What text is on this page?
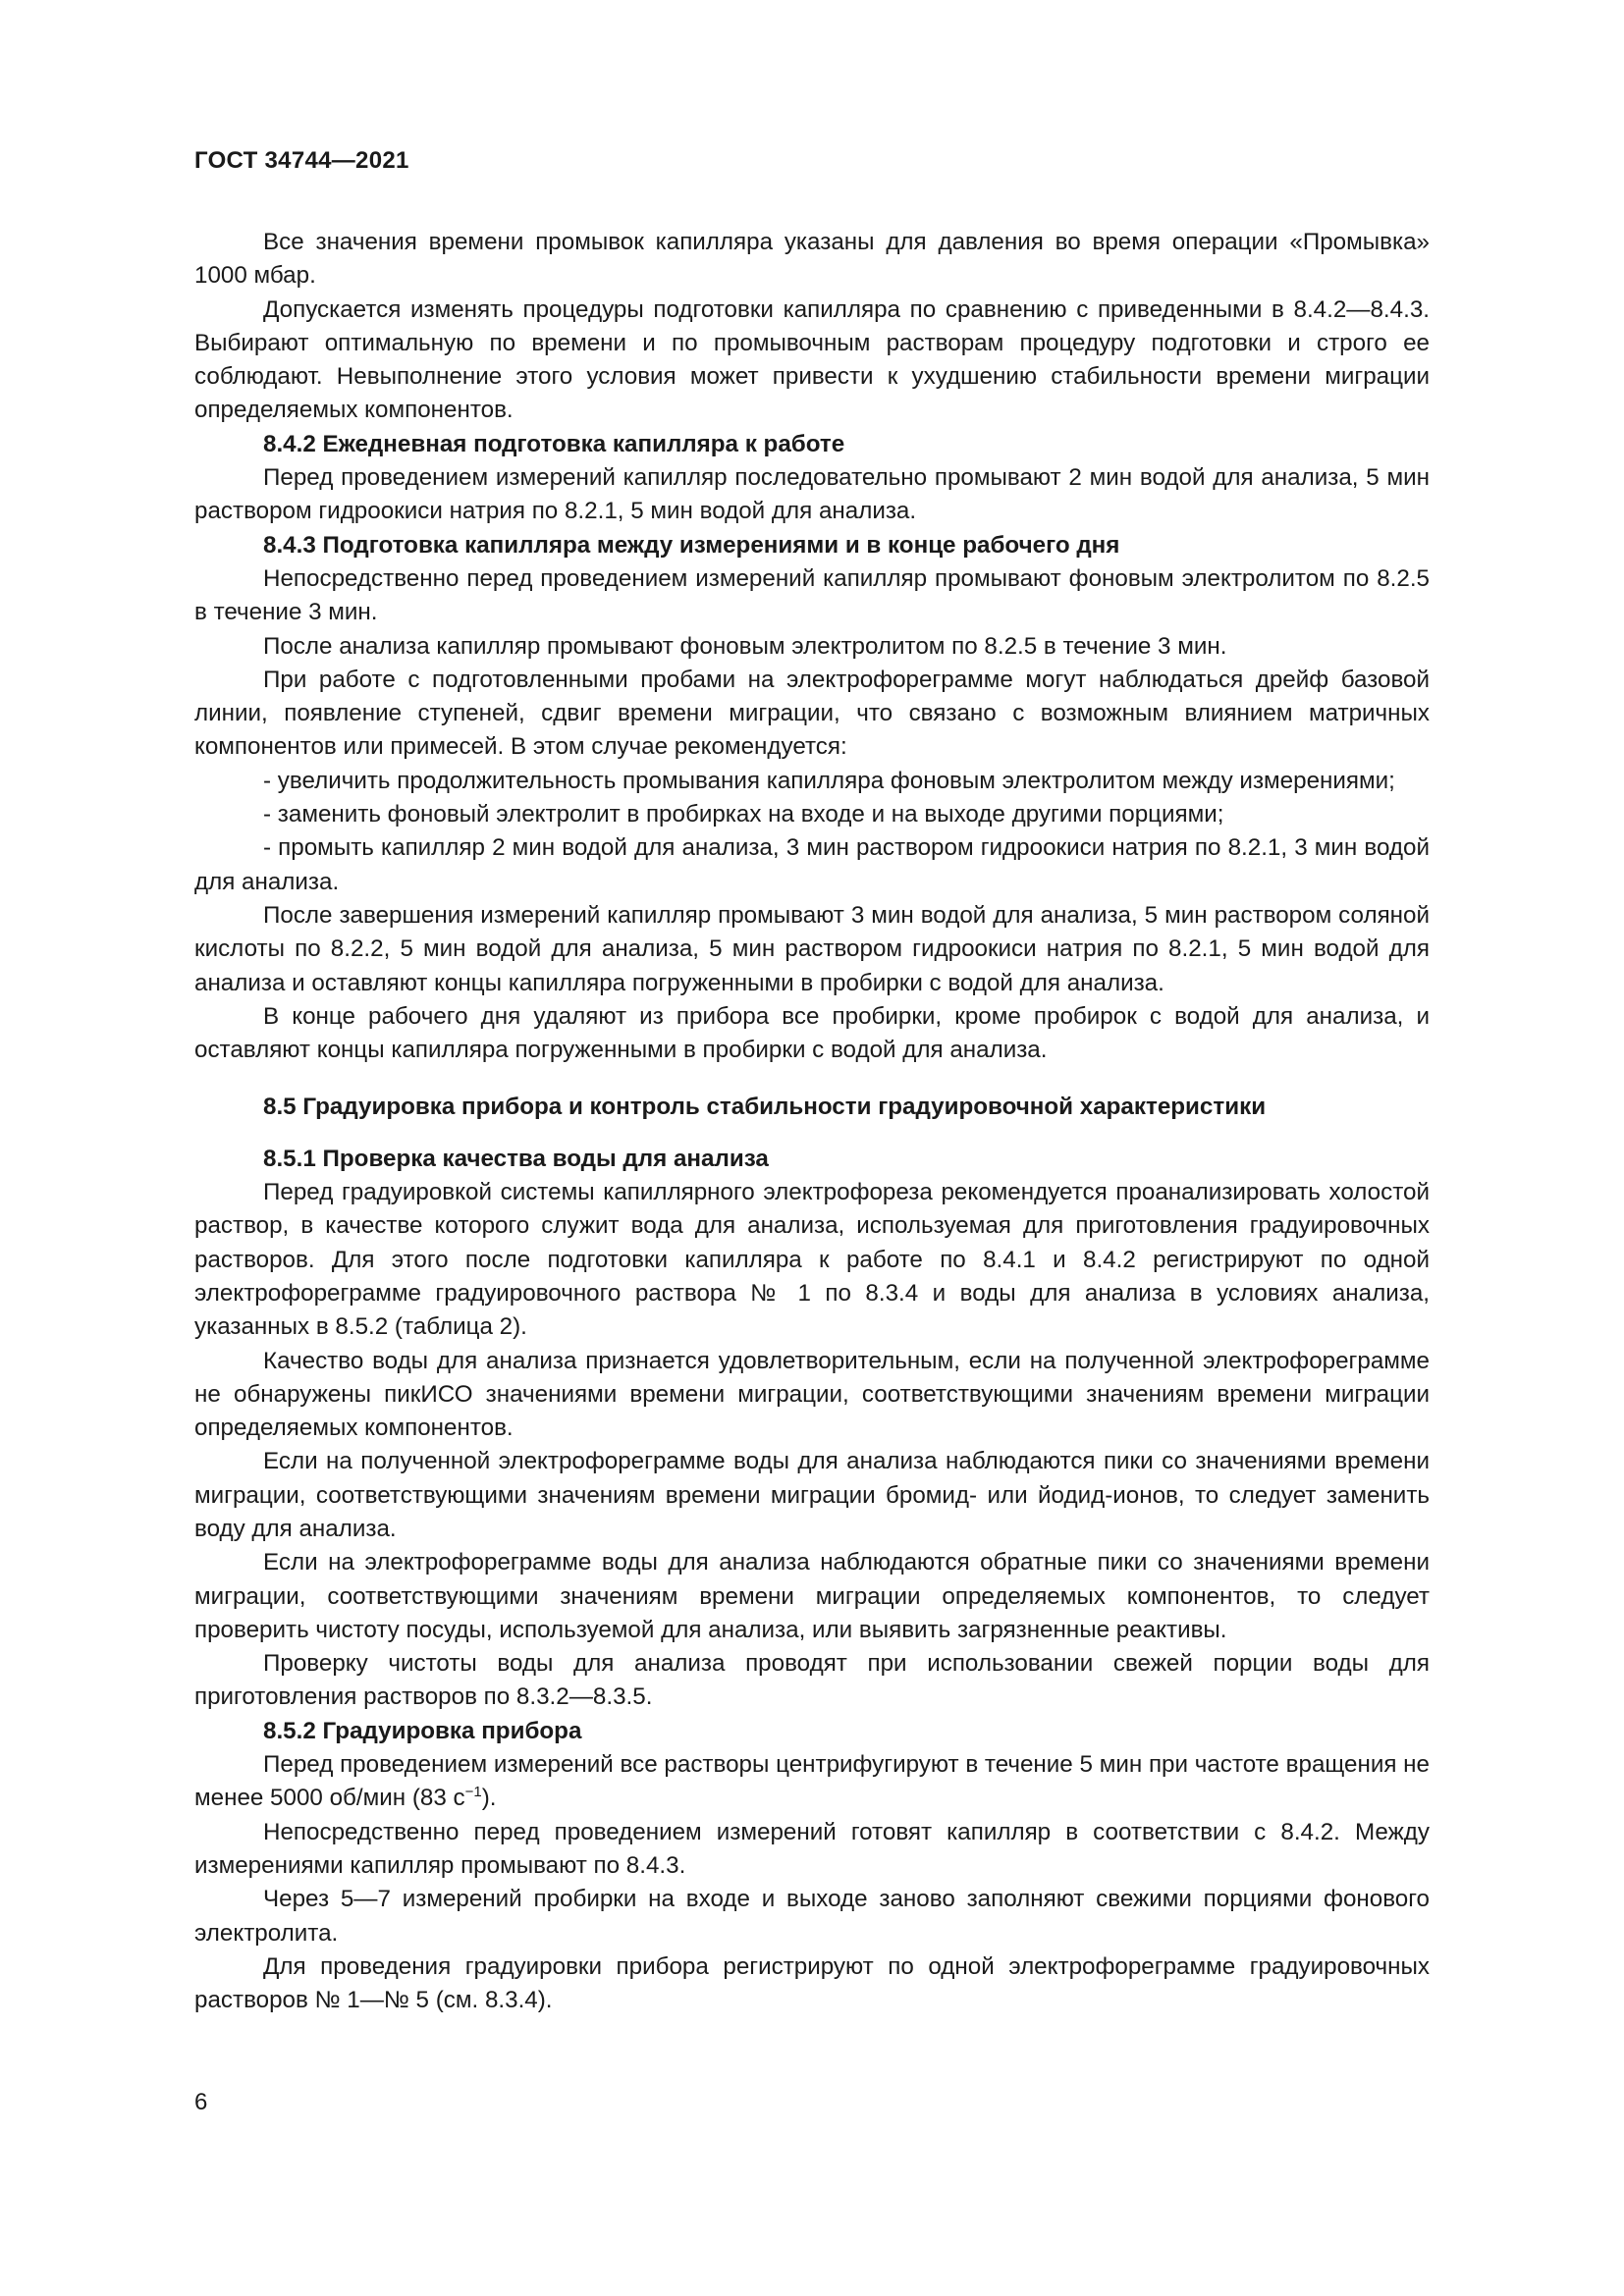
ГОСТ 34744—2021

Все значения времени промывок капилляра указаны для давления во время операции «Промывка» 1000 мбар.

Допускается изменять процедуры подготовки капилляра по сравнению с приведенными в 8.4.2—8.4.3. Выбирают оптимальную по времени и по промывочным растворам процедуру подготовки и строго ее соблюдают. Невыполнение этого условия может привести к ухудшению стабильности времени миграции определяемых компонентов.

8.4.2 Ежедневная подготовка капилляра к работе

Перед проведением измерений капилляр последовательно промывают 2 мин водой для анализа, 5 мин раствором гидроокиси натрия по 8.2.1, 5 мин водой для анализа.

8.4.3 Подготовка капилляра между измерениями и в конце рабочего дня

Непосредственно перед проведением измерений капилляр промывают фоновым электролитом по 8.2.5 в течение 3 мин.

После анализа капилляр промывают фоновым электролитом по 8.2.5 в течение 3 мин.

При работе с подготовленными пробами на электрофореграмме могут наблюдаться дрейф базовой линии, появление ступеней, сдвиг времени миграции, что связано с возможным влиянием матричных компонентов или примесей. В этом случае рекомендуется:

- увеличить продолжительность промывания капилляра фоновым электролитом между измерениями;

- заменить фоновый электролит в пробирках на входе и на выходе другими порциями;

- промыть капилляр 2 мин водой для анализа, 3 мин раствором гидроокиси натрия по 8.2.1, 3 мин водой для анализа.

После завершения измерений капилляр промывают 3 мин водой для анализа, 5 мин раствором соляной кислоты по 8.2.2, 5 мин водой для анализа, 5 мин раствором гидроокиси натрия по 8.2.1, 5 мин водой для анализа и оставляют концы капилляра погруженными в пробирки с водой для анализа.

В конце рабочего дня удаляют из прибора все пробирки, кроме пробирок с водой для анализа, и оставляют концы капилляра погруженными в пробирки с водой для анализа.

8.5 Градуировка прибора и контроль стабильности градуировочной характеристики
8.5.1 Проверка качества воды для анализа

Перед градуировкой системы капиллярного электрофореза рекомендуется проанализировать холостой раствор, в качестве которого служит вода для анализа, используемая для приготовления градуировочных растворов. Для этого после подготовки капилляра к работе по 8.4.1 и 8.4.2 регистрируют по одной электрофореграмме градуировочного раствора № 1 по 8.3.4 и воды для анализа в условиях анализа, указанных в 8.5.2 (таблица 2).

Качество воды для анализа признается удовлетворительным, если на полученной электрофореграмме не обнаружены пикИСО значениями времени миграции, соответствующими значениям времени миграции определяемых компонентов.

Если на полученной электрофореграмме воды для анализа наблюдаются пики со значениями времени миграции, соответствующими значениям времени миграции бромид- или йодид-ионов, то следует заменить воду для анализа.

Если на электрофореграмме воды для анализа наблюдаются обратные пики со значениями времени миграции, соответствующими значениям времени миграции определяемых компонентов, то следует проверить чистоту посуды, используемой для анализа, или выявить загрязненные реактивы.

Проверку чистоты воды для анализа проводят при использовании свежей порции воды для приготовления растворов по 8.3.2—8.3.5.

8.5.2 Градуировка прибора

Перед проведением измерений все растворы центрифугируют в течение 5 мин при частоте вращения не менее 5000 об/мин (83 $с^{-1}$).

Непосредственно перед проведением измерений готовят капилляр в соответствии с 8.4.2. Между измерениями капилляр промывают по 8.4.3.

Через 5—7 измерений пробирки на входе и выходе заново заполняют свежими порциями фонового электролита.

Для проведения градуировки прибора регистрируют по одной электрофореграмме градуировочных растворов № 1—№ 5 (см. 8.3.4).

6
